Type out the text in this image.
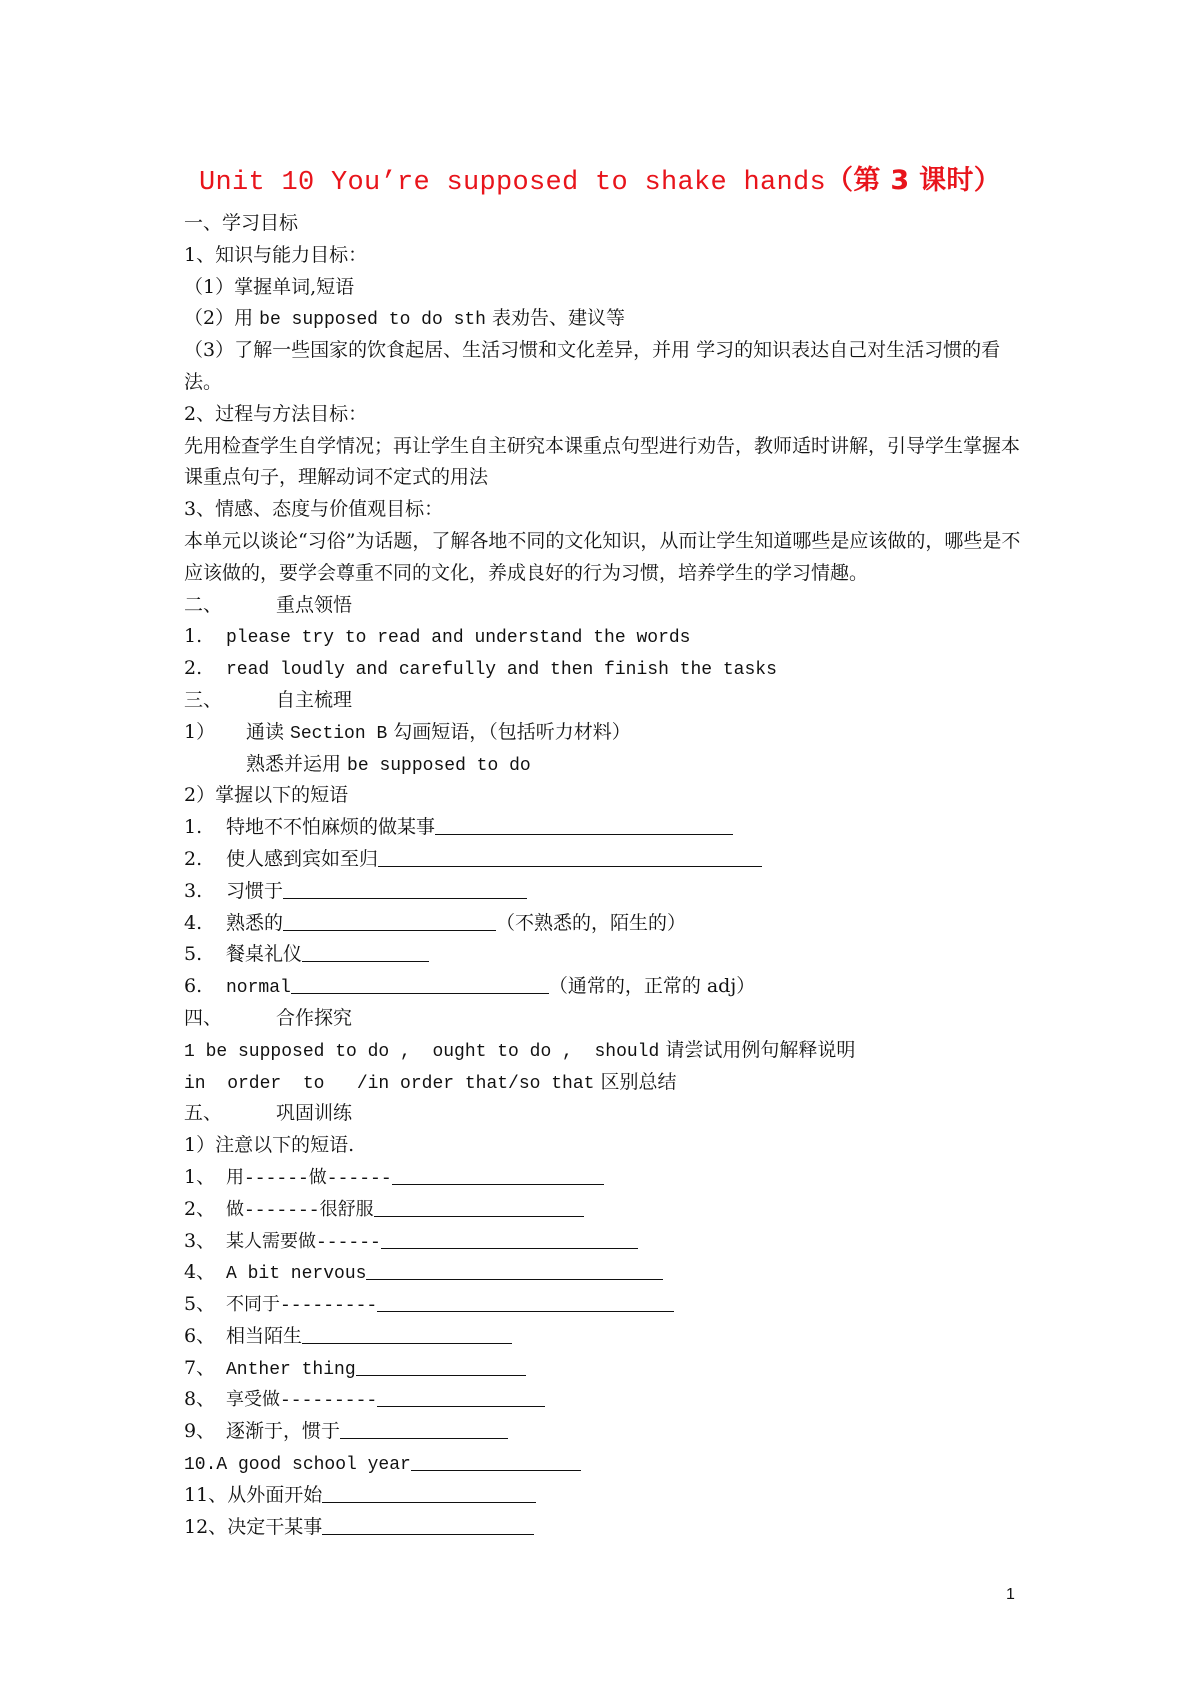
Unit 10 You’re supposed to shake hands（第 3 课时）
一、学习目标
1、知识与能力目标：
（1）掌握单词,短语
（2）用 be supposed to do sth 表劝告、建议等
（3）了解一些国家的饮食起居、生活习惯和文化差异，并用 学习的知识表达自己对生活习惯的看法。
2、过程与方法目标：
先用检查学生自学情况；再让学生自主研究本课重点句型进行劝告，教师适时讲解，引导学生掌握本课重点句子，理解动词不定式的用法
3、情感、态度与价值观目标：
本单元以谈论“习俗”为话题，了解各地不同的文化知识，从而让学生知道哪些是应该做的，哪些是不应该做的，要学会尊重不同的文化，养成良好的行为习惯，培养学生的学习情趣。
二、	重点领悟
1. please try to read and understand the words
2. read loudly and carefully and then finish the tasks
三、	自主梳理
1） 通读 Section B 勾画短语，（包括听力材料）
熟悉并运用 be supposed to do
2）掌握以下的短语
1. 特地不不怕麻烦的做某事
2. 使人感到宾如至归
3. 习惯于
4. 熟悉的	（不熟悉的，陌生的）
5. 餐桌礼仪
6. normal	（通常的，正常的 adj）
四、	合作探究
1 be supposed to do ,  ought to do ,  should 请尝试用例句解释说明
in  order  to   /in order that/so that 区别总结
五、	巩固训练
1）注意以下的短语.
1、 用------做------
2、 做-------很舒服
3、 某人需要做------
4、 A bit nervous
5、 不同于---------
6、 相当陌生
7、 Anther thing
8、 享受做---------
9、 逐渐于，惯于
10.A good school year
11、从外面开始
12、决定干某事
1
